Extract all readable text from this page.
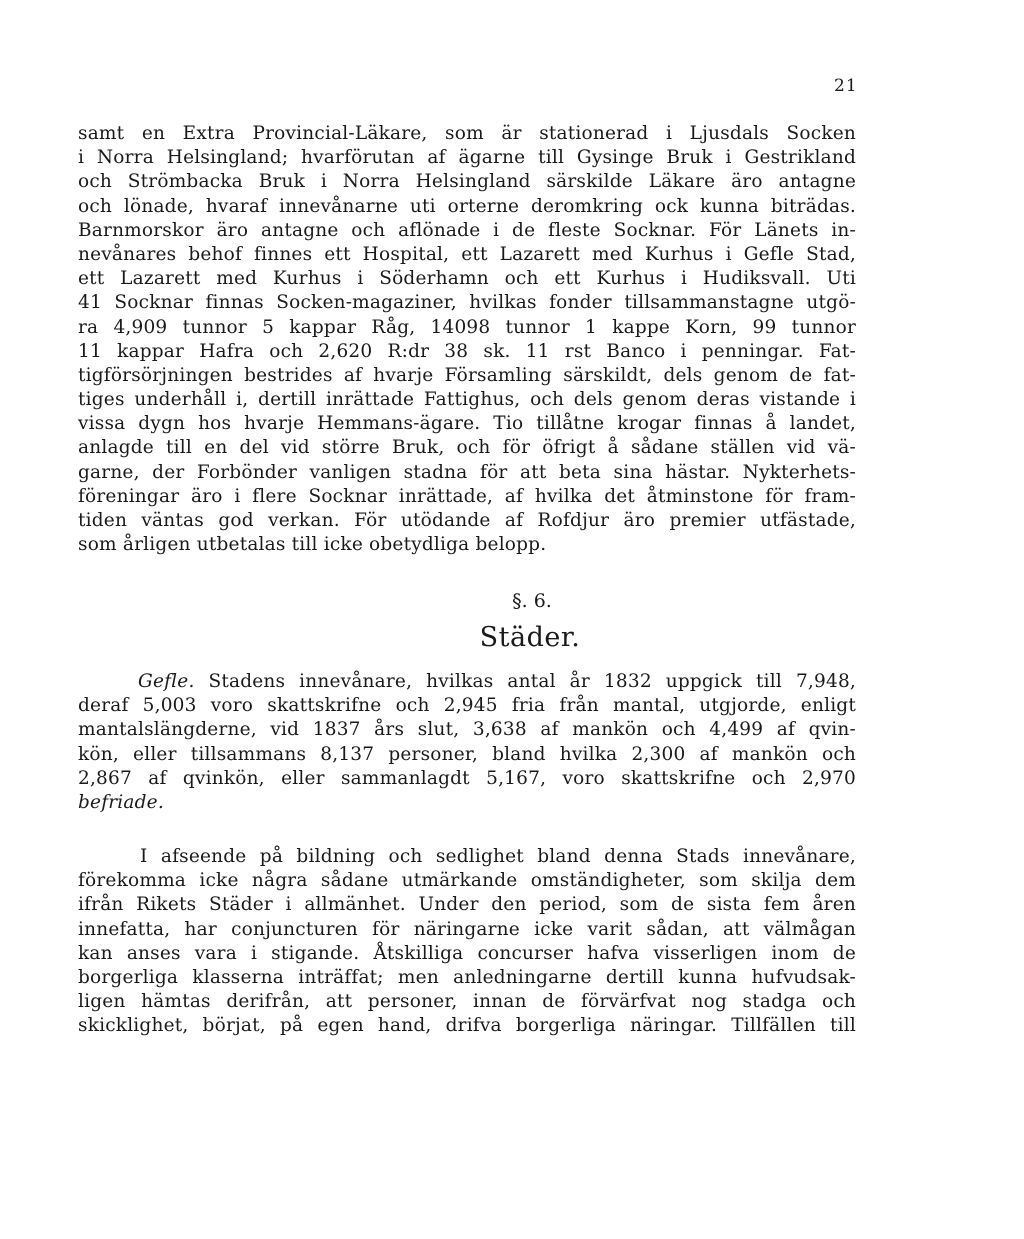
21
samt en Extra Provincial-Läkare, som är stationerad i Ljusdals Socken
i Norra Helsingland; hvarförutan af ägarne till Gysinge Bruk i Gestrikland
och Strömbacka Bruk i Norra Helsingland särskilde Läkare äro antagne
och lönade, hvaraf innevånarne uti orterne deromkring ock kunna biträdas.
Barnmorskor äro antagne och aflönade i de fleste Socknar. För Länets in-
nevånares behof finnes ett Hospital, ett Lazarett med Kurhus i Gefle Stad,
ett Lazarett med Kurhus i Söderhamn och ett Kurhus i Hudiksvall. Uti
41 Socknar finnas Socken-magaziner, hvilkas fonder tillsammanstagne utgö-
ra 4,909 tunnor 5 kappar Råg, 14098 tunnor 1 kappe Korn, 99 tunnor
11 kappar Hafra och 2,620 R:dr 38 sk. 11 rst Banco i penningar. Fat-
tigförsörjningen bestrides af hvarje Församling särskildt, dels genom de fat-
tiges underhåll i, dertill inrättade Fattighus, och dels genom deras vistande i
vissa dygn hos hvarje Hemmans-ägare. Tio tillåtne krogar finnas å landet,
anlagde till en del vid större Bruk, och för öfrigt å sådane ställen vid vä-
garne, der Forbönder vanligen stadna för att beta sina hästar. Nykterhets-
föreningar äro i flere Socknar inrättade, af hvilka det åtminstone för fram-
tiden väntas god verkan. För utödande af Rofdjur äro premier utfästade,
som årligen utbetalas till icke obetydliga belopp.
§. 6.
Städer.
Gefle. Stadens innevånare, hvilkas antal år 1832 uppgick till 7,948,
deraf 5,003 voro skattskrifne och 2,945 fria från mantal, utgjorde, enligt
mantalslängderne, vid 1837 års slut, 3,638 af mankön och 4,499 af qvin-
kön, eller tillsammans 8,137 personer, bland hvilka 2,300 af mankön och
2,867 af qvinkön, eller sammanlagdt 5,167, voro skattskrifne och 2,970
befriade.
I afseende på bildning och sedlighet bland denna Stads innevånare,
förekomma icke några sådane utmärkande omständigheter, som skilja dem
ifrån Rikets Städer i allmänhet. Under den period, som de sista fem åren
innefatta, har conjuncturen för näringarne icke varit sådan, att välmågan
kan anses vara i stigande. Åtskilliga concurser hafva visserligen inom de
borgerliga klasserna inträffat; men anledningarne dertill kunna hufvudsak-
ligen hämtas derifrån, att personer, innan de förvärfvat nog stadga och
skicklighet, börjat, på egen hand, drifva borgerliga näringar. Tillfällen till
